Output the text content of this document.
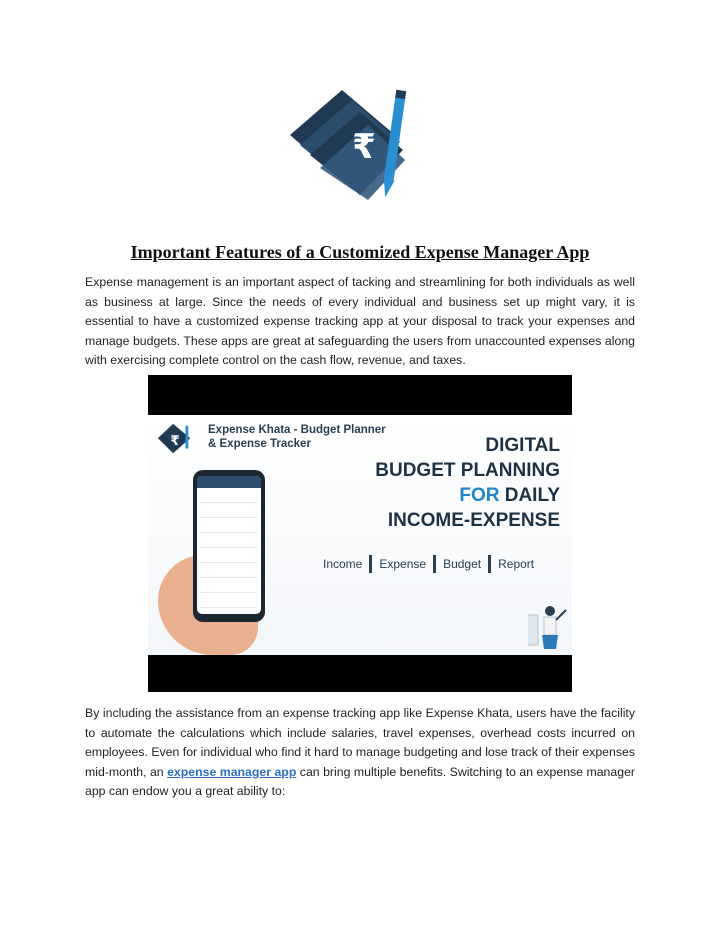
₹
Important Features of a Customized Expense Manager App

Expense management is an important aspect of tacking and streamlining for both individuals as well as business at large. Since the needs of every individual and business set up might vary, it is essential to have a customized expense tracking app at your disposal to track your expenses and manage budgets. These apps are great at safeguarding the users from unaccounted expenses along with exercising complete control on the cash flow, revenue, and taxes.

₹
Expense Khata - Budget Planner
& Expense Tracker	DIGITAL
BUDGET PLANNING
FOR DAILY
INCOME-EXPENSE
Income	Expense	Budget	Report

By including the assistance from an expense tracking app like Expense Khata, users have the facility to automate the calculations which include salaries, travel expenses, overhead costs incurred on employees. Even for individual who find it hard to manage budgeting and lose track of their expenses mid-month, an expense manager app can bring multiple benefits. Switching to an expense manager app can endow you a great ability to:
